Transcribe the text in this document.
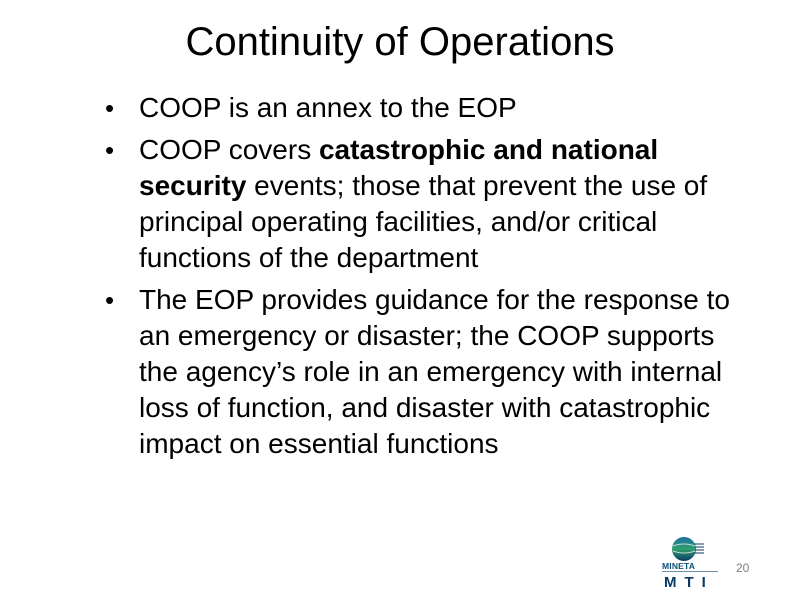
Continuity of Operations
• COOP is an annex to the EOP
• COOP covers catastrophic and national security events; those that prevent the use of principal operating facilities, and/or critical functions of the department
• The EOP provides guidance for the response to an emergency or disaster; the COOP supports the agency’s role in an emergency with internal loss of function, and disaster with catastrophic impact on essential functions
MINETA
MTI
20
